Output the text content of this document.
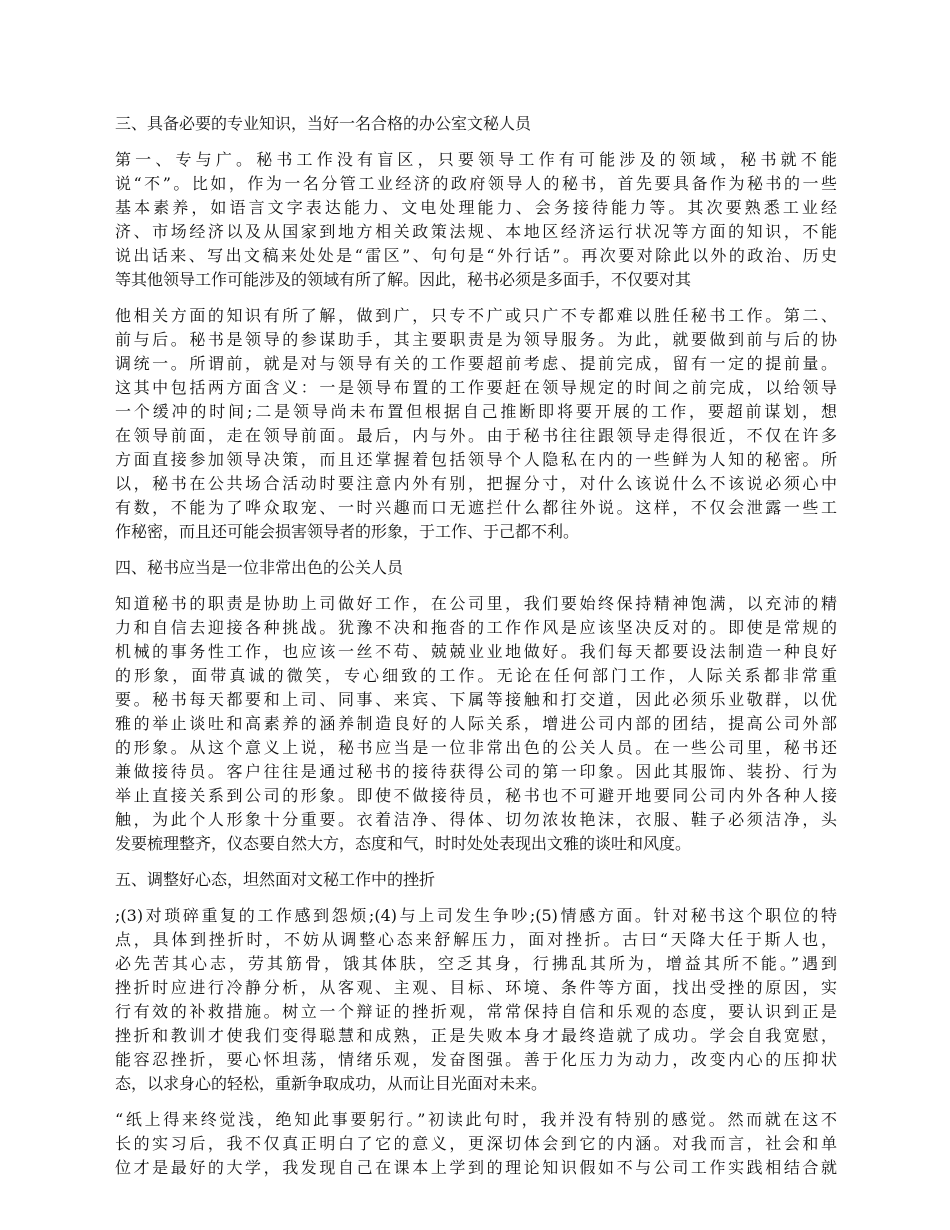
三、具备必要的专业知识，当好一名合格的办公室文秘人员
第一、专与广。秘书工作没有盲区，只要领导工作有可能涉及的领域，秘书就不能
说“不”。比如，作为一名分管工业经济的政府领导人的秘书，首先要具备作为秘书的一些
基本素养，如语言文字表达能力、文电处理能力、会务接待能力等。其次要熟悉工业经
济、市场经济以及从国家到地方相关政策法规、本地区经济运行状况等方面的知识，不能
说出话来、写出文稿来处处是“雷区”、句句是“外行话”。再次要对除此以外的政治、历史
等其他领导工作可能涉及的领域有所了解。因此，秘书必须是多面手，不仅要对其
他相关方面的知识有所了解，做到广，只专不广或只广不专都难以胜任秘书工作。第二、
前与后。秘书是领导的参谋助手，其主要职责是为领导服务。为此，就要做到前与后的协
调统一。所谓前，就是对与领导有关的工作要超前考虑、提前完成，留有一定的提前量。
这其中包括两方面含义：一是领导布置的工作要赶在领导规定的时间之前完成，以给领导
一个缓冲的时间;二是领导尚未布置但根据自己推断即将要开展的工作，要超前谋划，想
在领导前面，走在领导前面。最后，内与外。由于秘书往往跟领导走得很近，不仅在许多
方面直接参加领导决策，而且还掌握着包括领导个人隐私在内的一些鲜为人知的秘密。所
以，秘书在公共场合活动时要注意内外有别，把握分寸，对什么该说什么不该说必须心中
有数，不能为了哗众取宠、一时兴趣而口无遮拦什么都往外说。这样，不仅会泄露一些工
作秘密，而且还可能会损害领导者的形象，于工作、于己都不利。
四、秘书应当是一位非常出色的公关人员
知道秘书的职责是协助上司做好工作，在公司里，我们要始终保持精神饱满，以充沛的精
力和自信去迎接各种挑战。犹豫不决和拖沓的工作作风是应该坚决反对的。即使是常规的
机械的事务性工作，也应该一丝不苟、兢兢业业地做好。我们每天都要设法制造一种良好
的形象，面带真诚的微笑，专心细致的工作。无论在任何部门工作，人际关系都非常重
要。秘书每天都要和上司、同事、来宾、下属等接触和打交道，因此必须乐业敬群，以优
雅的举止谈吐和高素养的涵养制造良好的人际关系，增进公司内部的团结，提高公司外部
的形象。从这个意义上说，秘书应当是一位非常出色的公关人员。在一些公司里，秘书还
兼做接待员。客户往往是通过秘书的接待获得公司的第一印象。因此其服饰、装扮、行为
举止直接关系到公司的形象。即使不做接待员，秘书也不可避开地要同公司内外各种人接
触，为此个人形象十分重要。衣着洁净、得体、切勿浓妆艳沫，衣服、鞋子必须洁净，头
发要梳理整齐，仪态要自然大方，态度和气，时时处处表现出文雅的谈吐和风度。
五、调整好心态，坦然面对文秘工作中的挫折
;(3)对琐碎重复的工作感到怨烦;(4)与上司发生争吵;(5)情感方面。针对秘书这个职位的特
点，具体到挫折时，不妨从调整心态来舒解压力，面对挫折。古曰“天降大任于斯人也，
必先苦其心志，劳其筋骨，饿其体肤，空乏其身，行拂乱其所为，增益其所不能。”遇到
挫折时应进行冷静分析，从客观、主观、目标、环境、条件等方面，找出受挫的原因，实
行有效的补救措施。树立一个辩证的挫折观，常常保持自信和乐观的态度，要认识到正是
挫折和教训才使我们变得聪慧和成熟，正是失败本身才最终造就了成功。学会自我宽慰，
能容忍挫折，要心怀坦荡，情绪乐观，发奋图强。善于化压力为动力，改变内心的压抑状
态，以求身心的轻松，重新争取成功，从而让目光面对未来。
“纸上得来终觉浅，绝知此事要躬行。”初读此句时，我并没有特别的感觉。然而就在这不
长的实习后，我不仅真正明白了它的意义，更深切体会到它的内涵。对我而言，社会和单
位才是最好的大学，我发现自己在课本上学到的理论知识假如不与公司工作实践相结合就
